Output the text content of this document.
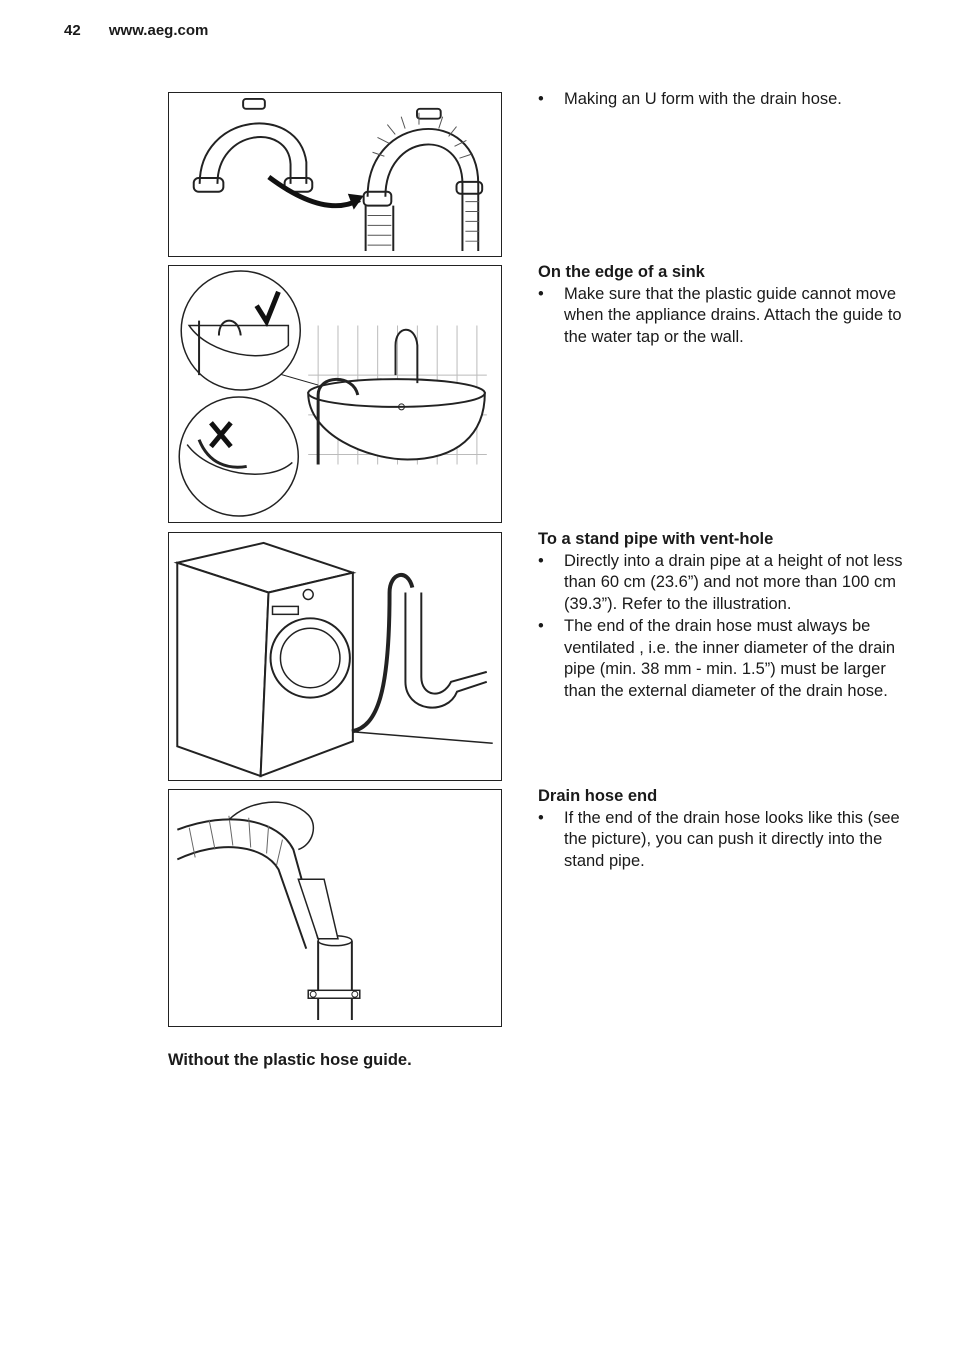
42 www.aeg.com
• Making an U form with the drain hose.
On the edge of a sink
• Make sure that the plastic guide cannot move when the appliance drains. Attach the guide to the water tap or the wall.
To a stand pipe with vent-hole
• Directly into a drain pipe at a height of not less than 60 cm (23.6”) and not more than 100 cm (39.3”). Refer to the illustration.
• The end of the drain hose must always be ventilated , i.e. the inner diameter of the drain pipe (min. 38 mm - min. 1.5”) must be larger than the external diameter of the drain hose.
Drain hose end
• If the end of the drain hose looks like this (see the picture), you can push it directly into the stand pipe.
Without the plastic hose guide.
